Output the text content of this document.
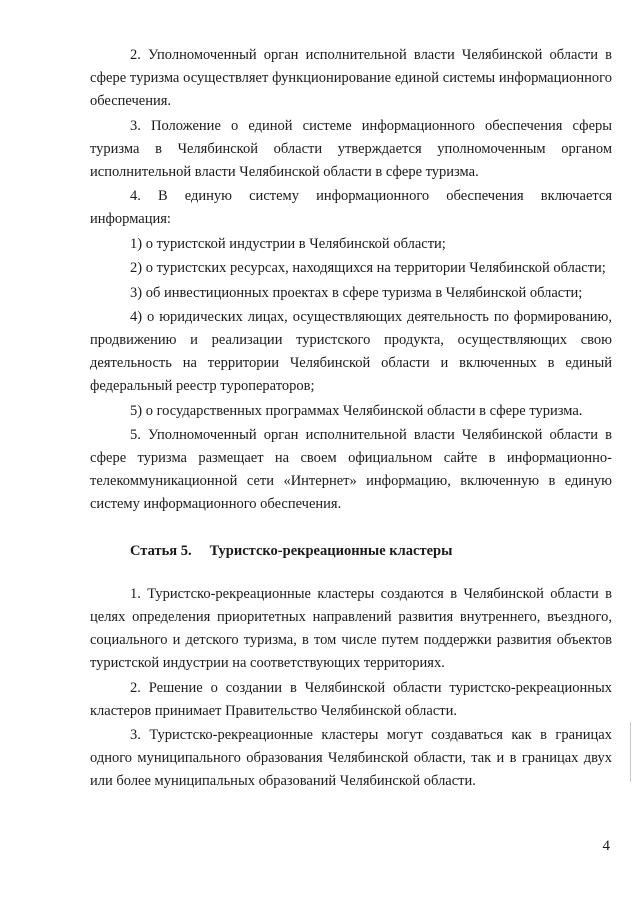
2. Уполномоченный орган исполнительной власти Челябинской области в сфере туризма осуществляет функционирование единой системы информационного обеспечения.

3. Положение о единой системе информационного обеспечения сферы туризма в Челябинской области утверждается уполномоченным органом исполнительной власти Челябинской области в сфере туризма.

4. В единую систему информационного обеспечения включается информация:

1) о туристской индустрии в Челябинской области;

2) о туристских ресурсах, находящихся на территории Челябинской области;

3) об инвестиционных проектах в сфере туризма в Челябинской области;

4) о юридических лицах, осуществляющих деятельность по формированию, продвижению и реализации туристского продукта, осуществляющих свою деятельность на территории Челябинской области и включенных в единый федеральный реестр туроператоров;

5) о государственных программах Челябинской области в сфере туризма.

5. Уполномоченный орган исполнительной власти Челябинской области в сфере туризма размещает на своем официальном сайте в информационно-телекоммуникационной сети «Интернет» информацию, включенную в единую систему информационного обеспечения.

Статья 5. Туристско-рекреационные кластеры

1. Туристско-рекреационные кластеры создаются в Челябинской области в целях определения приоритетных направлений развития внутреннего, въездного, социального и детского туризма, в том числе путем поддержки развития объектов туристской индустрии на соответствующих территориях.

2. Решение о создании в Челябинской области туристско-рекреационных кластеров принимает Правительство Челябинской области.

3. Туристско-рекреационные кластеры могут создаваться как в границах одного муниципального образования Челябинской области, так и в границах двух или более муниципальных образований Челябинской области.

4
